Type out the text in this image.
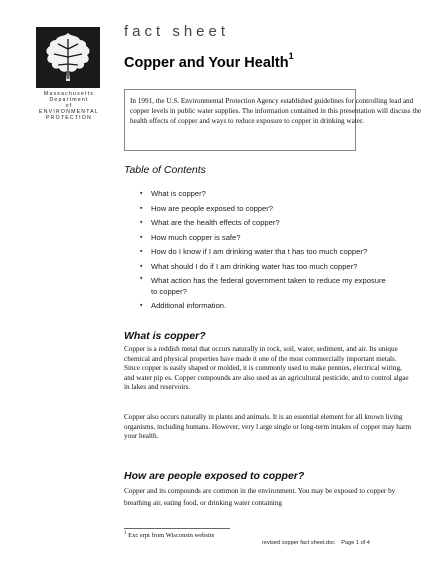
Massachusetts
Department
of
ENVIRONMENTAL
PROTECTION
fact sheet
Copper and Your Health$^1$
In 1991, the U.S. Environmental Protection Agency established guidelines for controlling lead and copper levels in public water supplies. The information contained in this presentation will discuss the health effects of copper and ways to reduce exposure to copper in drinking water.
Table of Contents
▪ What is copper?
▪ How are people exposed to copper?
▪ What are the health effects of copper?
▪ How much copper is safe?
▪ How do I know if I am drinking water tha t has too much copper?
▪ What should I do if I am drinking water has too much copper?
▪ What action has the federal government taken to reduce my exposure to copper?
▪ Additional information.
What is copper?
Copper is a reddish metal that occurs naturally in rock, soil, water, sediment, and air. Its unique chemical and physical properties have made it one of the most commercially important metals. Since copper is easily shaped or molded, it is commonly used to make pennies, electrical wiring, and water pip es. Copper compounds are also used as an agricultural pesticide, and to control algae in lakes and reservoirs.
Copper also occurs naturally in plants and animals. It is an essential element for all known living organisms, including humans. However, very l arge single or long-term intakes of copper may harm your health.
How are people exposed to copper?
Copper and its compounds are common in the environment. You may be exposed to copper by breathing air, eating food, or drinking water containing
$^1$ Exc erpt from Wisconsin website
revised copper fact sheet.doc Page 1 of 4
